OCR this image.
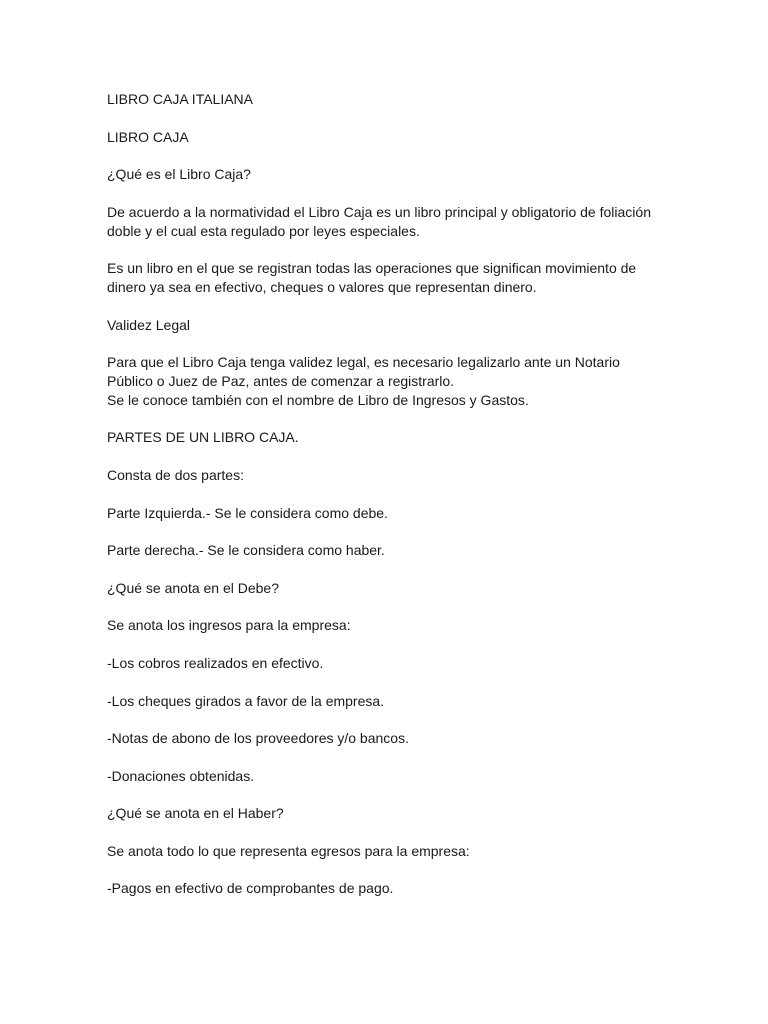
LIBRO CAJA ITALIANA
LIBRO CAJA
¿Qué es el Libro Caja?
De acuerdo a la normatividad el Libro Caja es un libro principal y obligatorio de foliación
doble y el cual esta regulado por leyes especiales.
Es un libro en el que se registran todas las operaciones que significan movimiento de
dinero ya sea en efectivo, cheques o valores que representan dinero.
Validez Legal
Para que el Libro Caja tenga validez legal, es necesario legalizarlo ante un Notario
Público o Juez de Paz, antes de comenzar a registrarlo.
Se le conoce también con el nombre de Libro de Ingresos y Gastos.
PARTES DE UN LIBRO CAJA.
Consta de dos partes:
Parte Izquierda.- Se le considera como debe.
Parte derecha.- Se le considera como haber.
¿Qué se anota en el Debe?
Se anota los ingresos para la empresa:
-Los cobros realizados en efectivo.
-Los cheques girados a favor de la empresa.
-Notas de abono de los proveedores y/o bancos.
-Donaciones obtenidas.
¿Qué se anota en el Haber?
Se anota todo lo que representa egresos para la empresa:
-Pagos en efectivo de comprobantes de pago.
